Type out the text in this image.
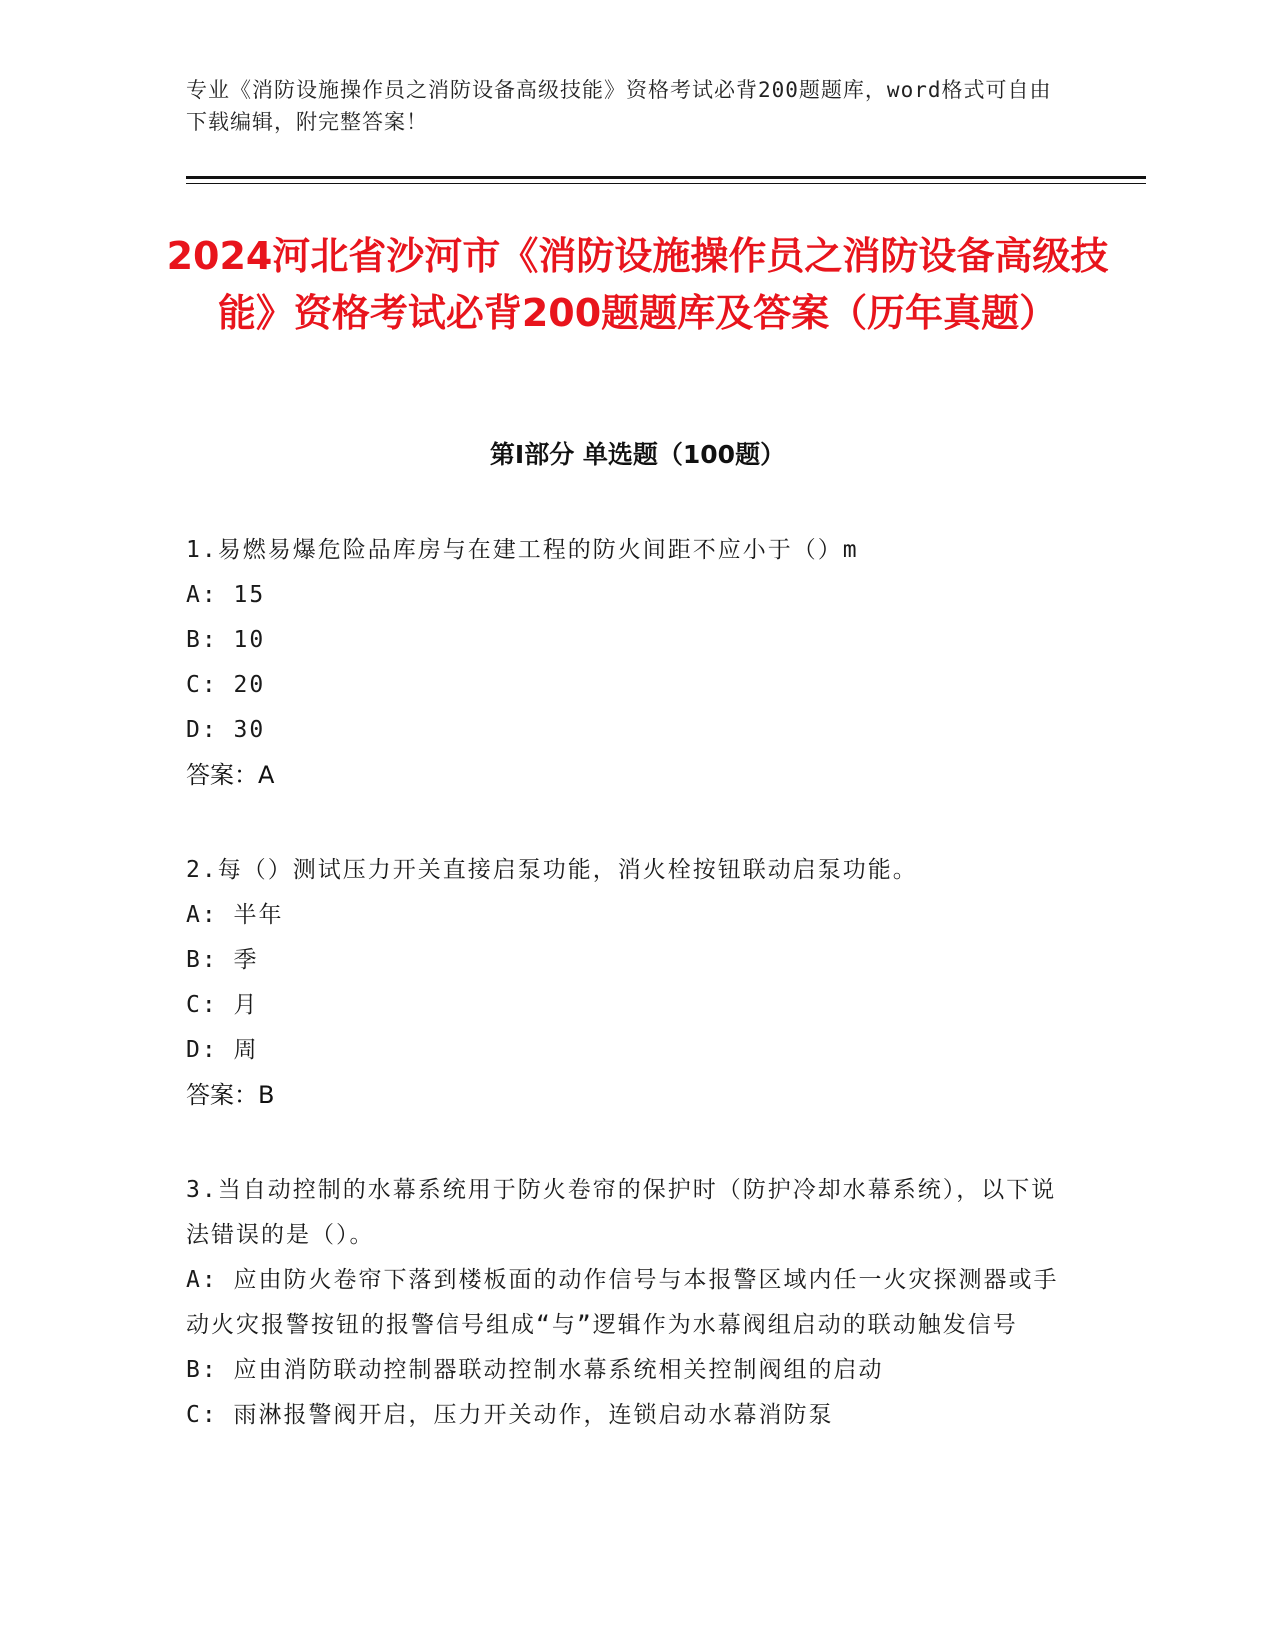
专业《消防设施操作员之消防设备高级技能》资格考试必背200题题库，word格式可自由下载编辑，附完整答案！
2024河北省沙河市《消防设施操作员之消防设备高级技能》资格考试必背200题题库及答案（历年真题）
第I部分 单选题（100题）

1.易燃易爆危险品库房与在建工程的防火间距不应小于（）m

A: 15

B: 10

C: 20

D: 30

答案：A

2.每（）测试压力开关直接启泵功能，消火栓按钮联动启泵功能。

A: 半年

B: 季

C: 月

D: 周

答案：B

3.当自动控制的水幕系统用于防火卷帘的保护时（防护冷却水幕系统），以下说法错误的是（）。

A: 应由防火卷帘下落到楼板面的动作信号与本报警区域内任一火灾探测器或手动火灾报警按钮的报警信号组成“与”逻辑作为水幕阀组启动的联动触发信号

B: 应由消防联动控制器联动控制水幕系统相关控制阀组的启动

C: 雨淋报警阀开启，压力开关动作，连锁启动水幕消防泵
